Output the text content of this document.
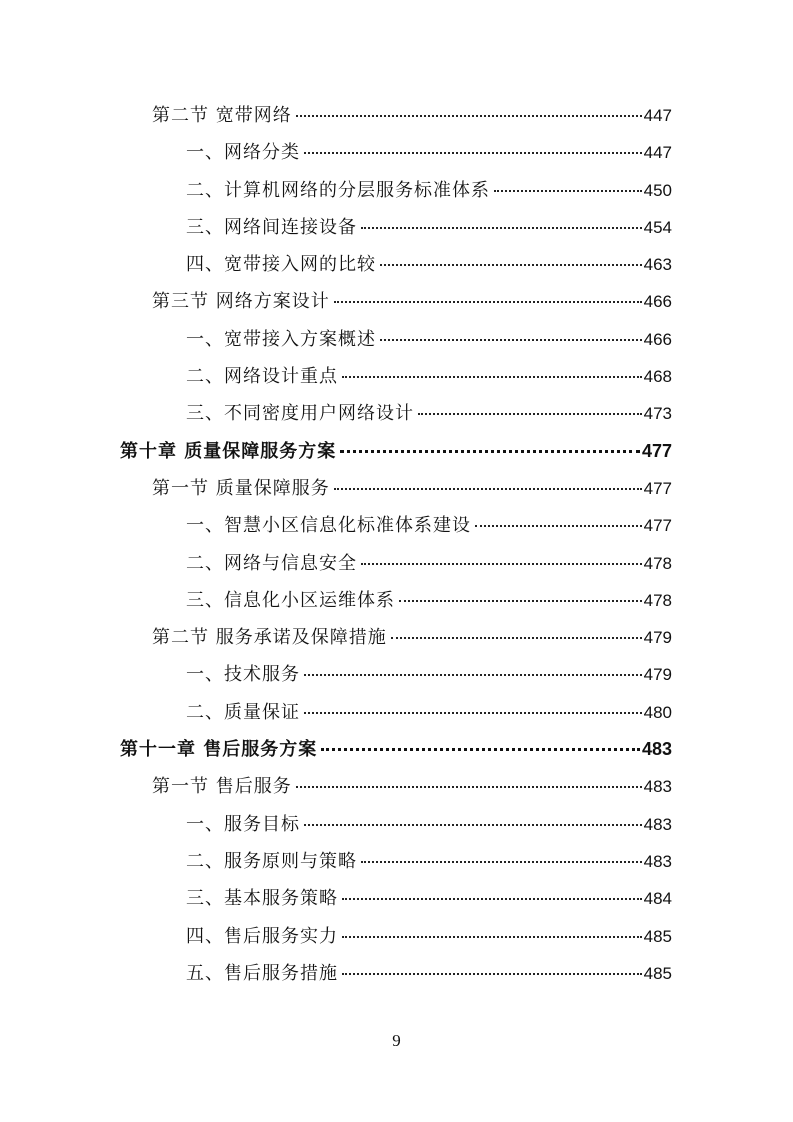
第二节 宽带网络	447
一、网络分类	447
二、计算机网络的分层服务标准体系	450
三、网络间连接设备	454
四、宽带接入网的比较	463
第三节 网络方案设计	466
一、宽带接入方案概述	466
二、网络设计重点	468
三、不同密度用户网络设计	473
第十章 质量保障服务方案	477
第一节 质量保障服务	477
一、智慧小区信息化标准体系建设	477
二、网络与信息安全	478
三、信息化小区运维体系	478
第二节 服务承诺及保障措施	479
一、技术服务	479
二、质量保证	480
第十一章 售后服务方案	483
第一节 售后服务	483
一、服务目标	483
二、服务原则与策略	483
三、基本服务策略	484
四、售后服务实力	485
五、售后服务措施	485
9
